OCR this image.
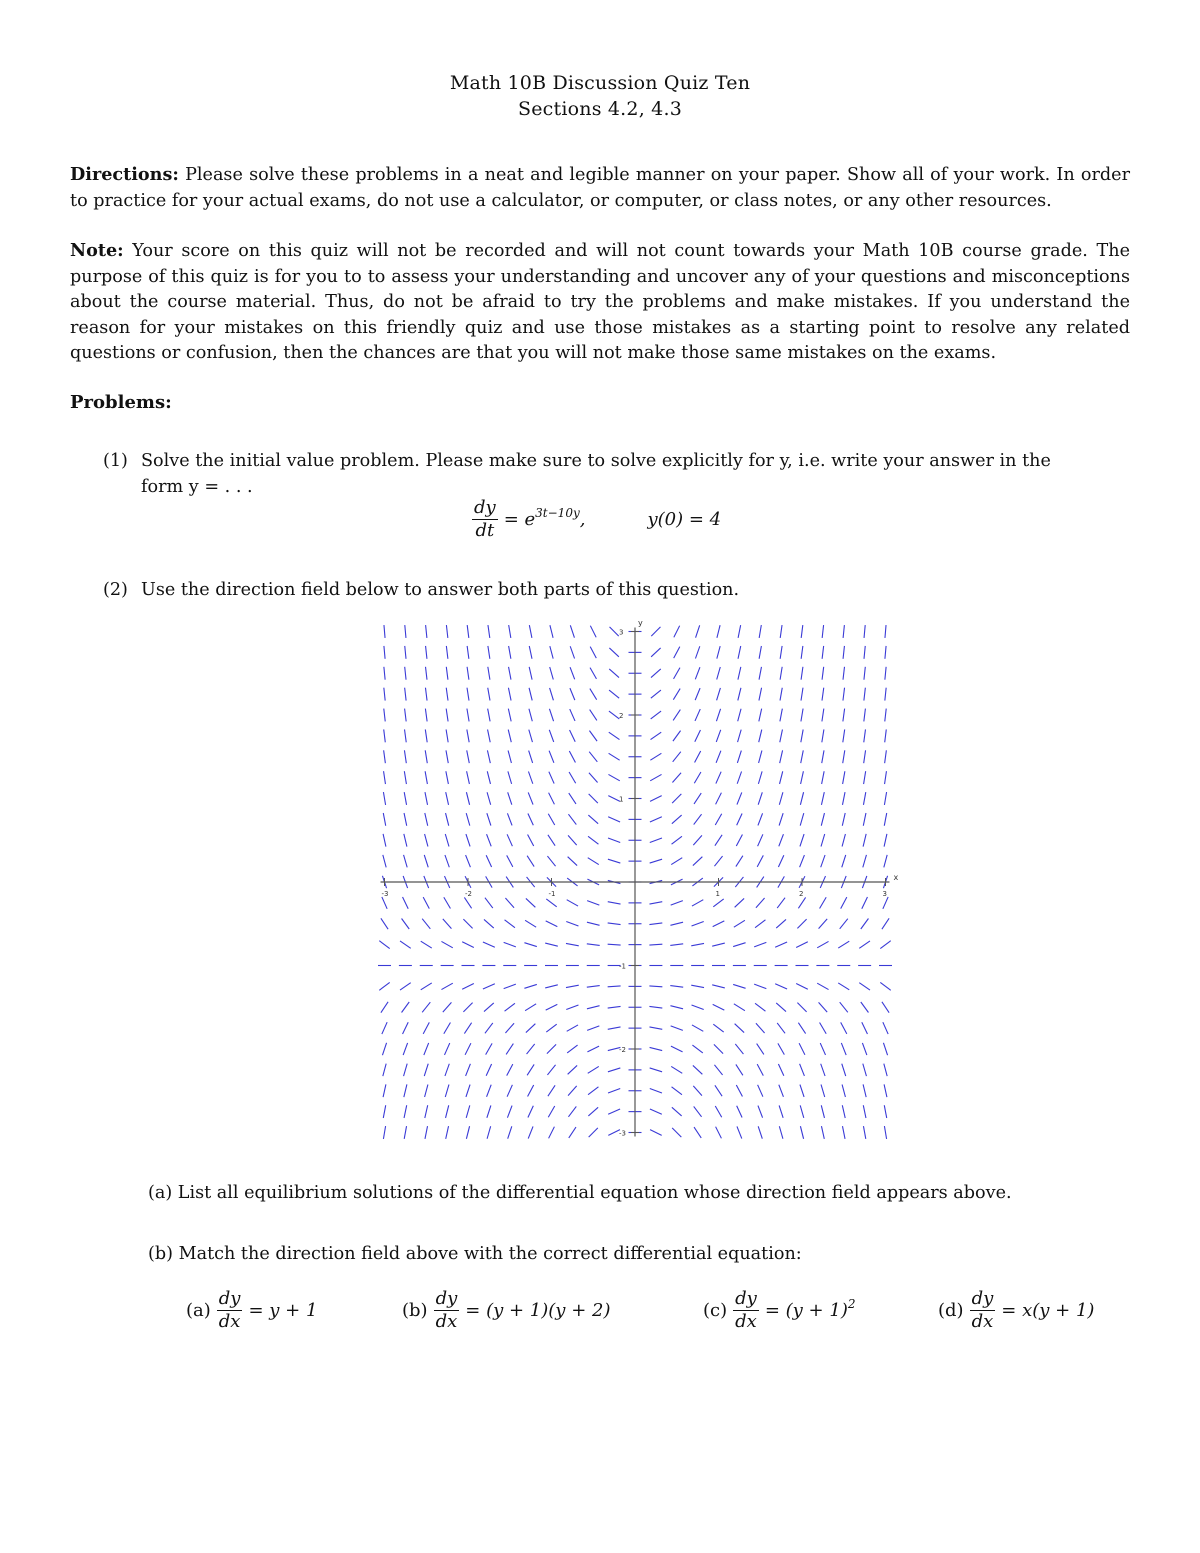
Math 10B Discussion Quiz Ten
Sections 4.2, 4.3
Directions: Please solve these problems in a neat and legible manner on your paper. Show all of your work. In order to practice for your actual exams, do not use a calculator, or computer, or class notes, or any other resources.
Note: Your score on this quiz will not be recorded and will not count towards your Math 10B course grade. The purpose of this quiz is for you to to assess your understanding and uncover any of your questions and misconceptions about the course material. Thus, do not be afraid to try the problems and make mistakes. If you understand the reason for your mistakes on this friendly quiz and use those mistakes as a starting point to resolve any related questions or confusion, then the chances are that you will not make those same mistakes on the exams.
Problems:
(1) Solve the initial value problem. Please make sure to solve explicitly for y, i.e. write your answer in the
form y = . . .
$\frac{dy}{dt} = e^{3t-10y}$,	y(0) = 4
(2) Use the direction field below to answer both parts of this question.
x
y
-3	-2	-1	1	2	3
3
2
1
-1
-2
-3
(a) List all equilibrium solutions of the differential equation whose direction field appears above.
(b) Match the direction field above with the correct differential equation:
$(a) \frac{dy}{dx} = y + 1$	$(b) \frac{dy}{dx} = (y + 1)(y + 2)$	$(c) \frac{dy}{dx} = (y + 1)^2$	$(d) \frac{dy}{dx} = x(y + 1)$
